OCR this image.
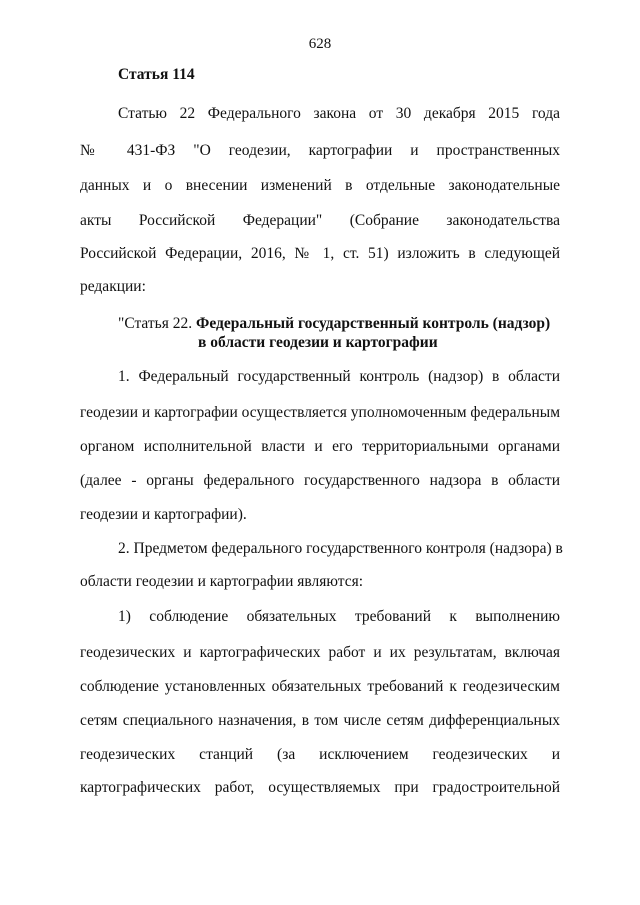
628
Статья 114
Статью 22 Федерального закона от 30 декабря 2015 года
№ 431-ФЗ "О геодезии, картографии и пространственных
данных и о внесении изменений в отдельные законодательные
акты Российской Федерации" (Собрание законодательства
Российской Федерации, 2016, № 1, ст. 51) изложить в следующей
редакции:
"Статья 22. Федеральный государственный контроль (надзор)
в области геодезии и картографии
1. Федеральный государственный контроль (надзор) в области
геодезии и картографии осуществляется уполномоченным федеральным
органом исполнительной власти и его территориальными органами
(далее - органы федерального государственного надзора в области
геодезии и картографии).
2. Предметом федерального государственного контроля (надзора) в
области геодезии и картографии являются:
1) соблюдение обязательных требований к выполнению
геодезических и картографических работ и их результатам, включая
соблюдение установленных обязательных требований к геодезическим
сетям специального назначения, в том числе сетям дифференциальных
геодезических станций (за исключением геодезических и
картографических работ, осуществляемых при градостроительной
